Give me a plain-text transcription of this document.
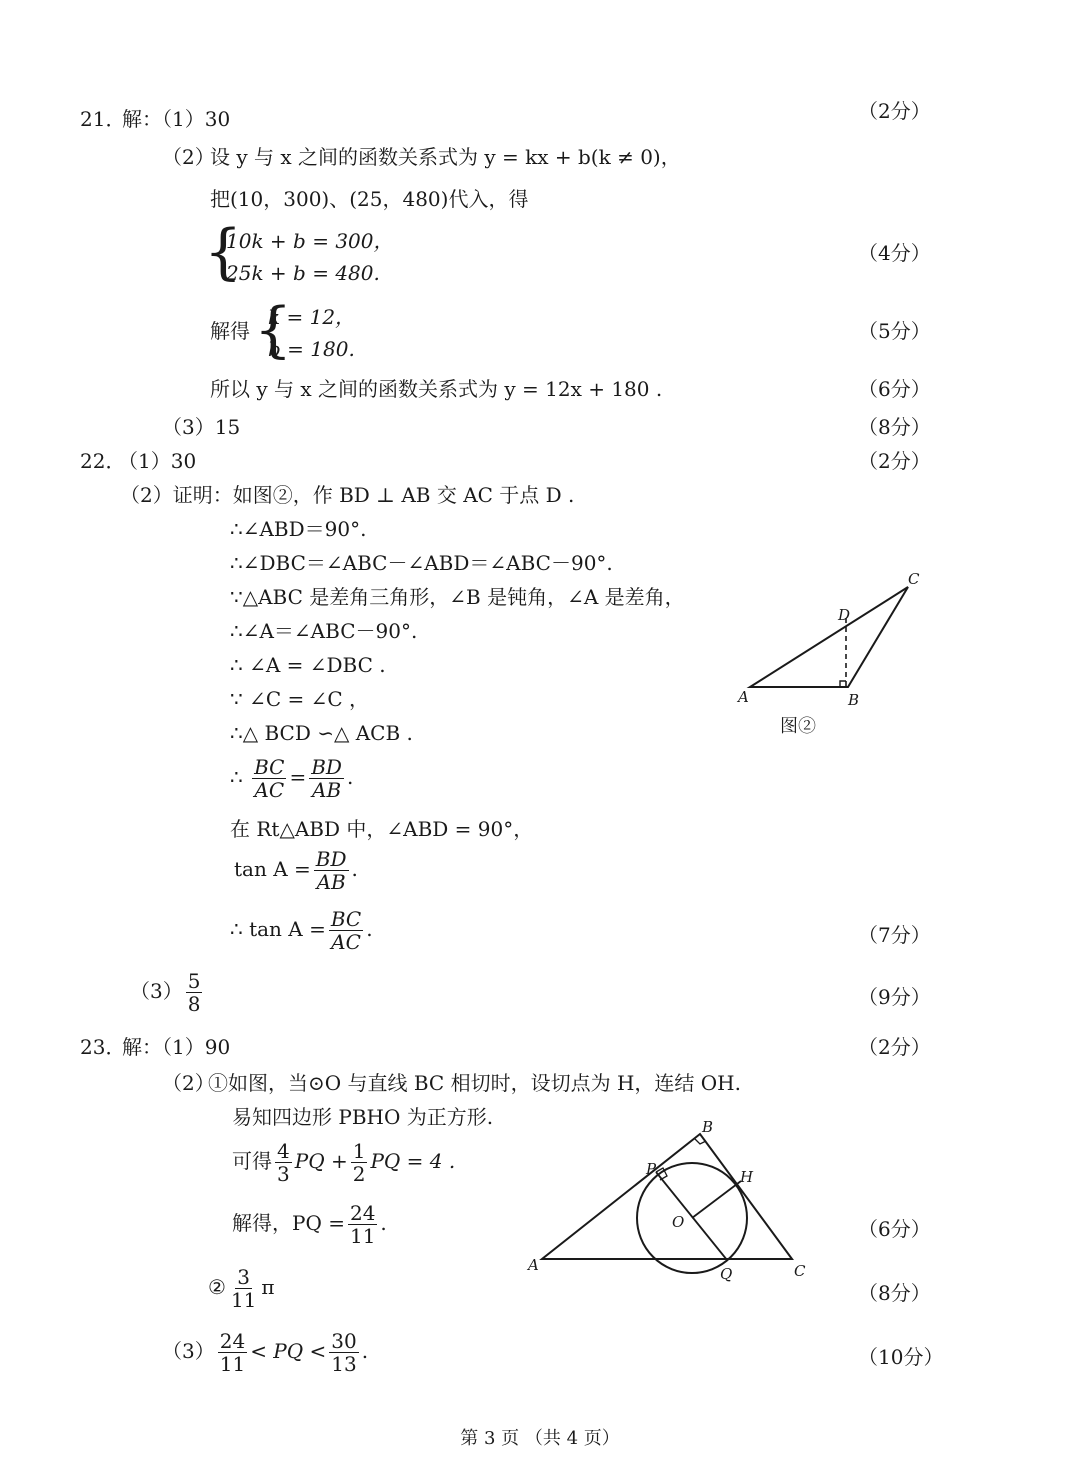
21．
解：（1）30	（2分）
（2）
设 y 与 x 之间的函数关系式为 y = kx + b(k ≠ 0)，
把(10，300)、(25，480)代入，得
{
10k + b = 300，
25k + b = 480.
（4分）
解得 {
k = 12，
b = 180.
（5分）
所以 y 与 x 之间的函数关系式为 y = 12x + 180 .	（6分）
（3）15	（8分）
22．
（1）30	（2分）
（2）证明：如图②，作 BD ⊥ AB 交 AC 于点 D .
∴∠ABD＝90°.
∴∠DBC＝∠ABC－∠ABD＝∠ABC－90°.
∵△ABC 是差角三角形，∠B 是钝角，∠A 是差角，
∴∠A＝∠ABC－90°.
∴ ∠A = ∠DBC .
∵ ∠C = ∠C ，
∴△ BCD ∽△ ACB .
∴ $\frac{BC}{AC} = \frac{BD}{AB}$ .
在 Rt△ABD 中，∠ABD = 90°，
$\tan A = \frac{BD}{AB}$ .
∴ $\tan A = \frac{BC}{AC}$ .	（7分）
$(3) \frac{5}{8}$	（9分）
A	B
C
D
图②
23．
解：（1）90	（2分）
（2）
①如图，当⊙O 与直线 BC 相切时，设切点为 H，连结 OH.
易知四边形 PBHO 为正方形.
可得 $\frac{4}{3}$ PQ + $\frac{1}{2}$ PQ = 4 .
解得，PQ = $\frac{24}{11}$ .	（6分）
② $\frac{3}{11}$ π	（8分）
$(3) \frac{24}{11}$ < PQ < $\frac{30}{13}$ .	（10分）
A
B
C
P	H
O
Q
第 3 页 （共 4 页）
